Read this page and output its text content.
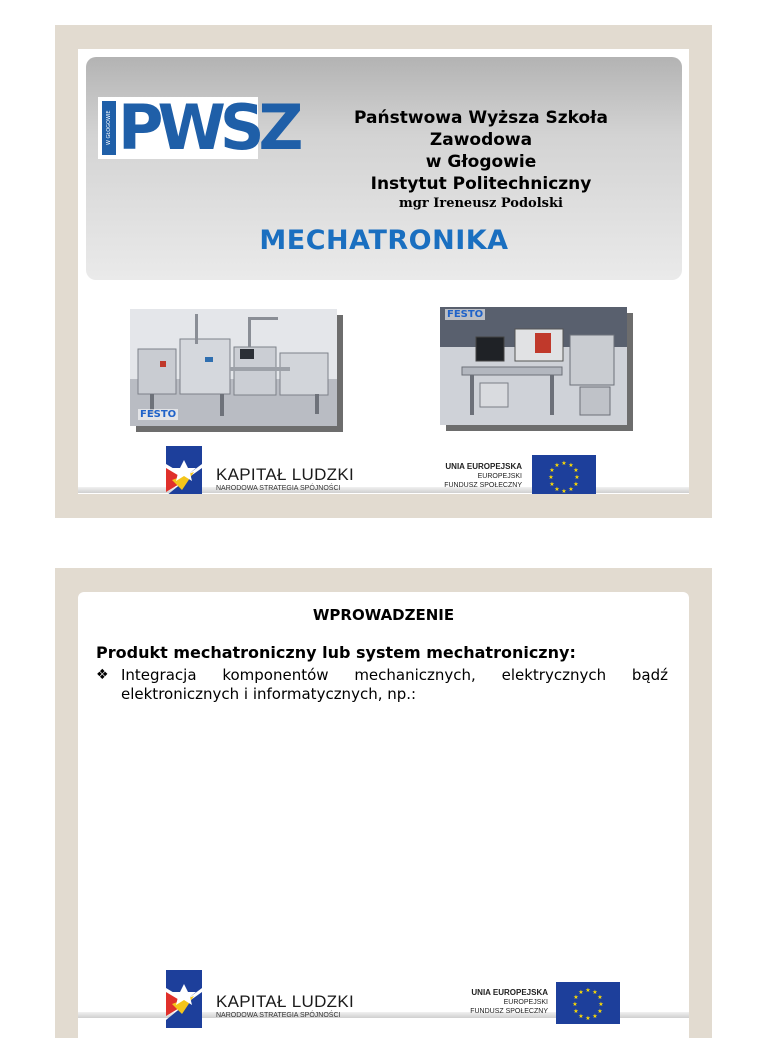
W GŁOGOWIE PWSZ	Państwowa Wyższa Szkoła
Zawodowa
w Głogowie
Instytut Politechniczny
mgr Ireneusz Podolski
MECHATRONIKA
FESTO
FESTO
KAPITAŁ LUDZKI
NARODOWA STRATEGIA SPÓJNOŚCI
UNIA EUROPEJSKA
EUROPEJSKI
FUNDUSZ SPOŁECZNY
★ ★
★
★
★
★
★
★
★
★
★
★
WPROWADZENIE
Produkt mechatroniczny lub system mechatroniczny:
❖ Integracja komponentów mechanicznych, elektrycznych bądź elektronicznych i informatycznych, np.:
KAPITAŁ LUDZKI
NARODOWA STRATEGIA SPÓJNOŚCI
UNIA EUROPEJSKA
EUROPEJSKI
FUNDUSZ SPOŁECZNY
★ ★
★
★
★
★
★
★
★
★
★
★
